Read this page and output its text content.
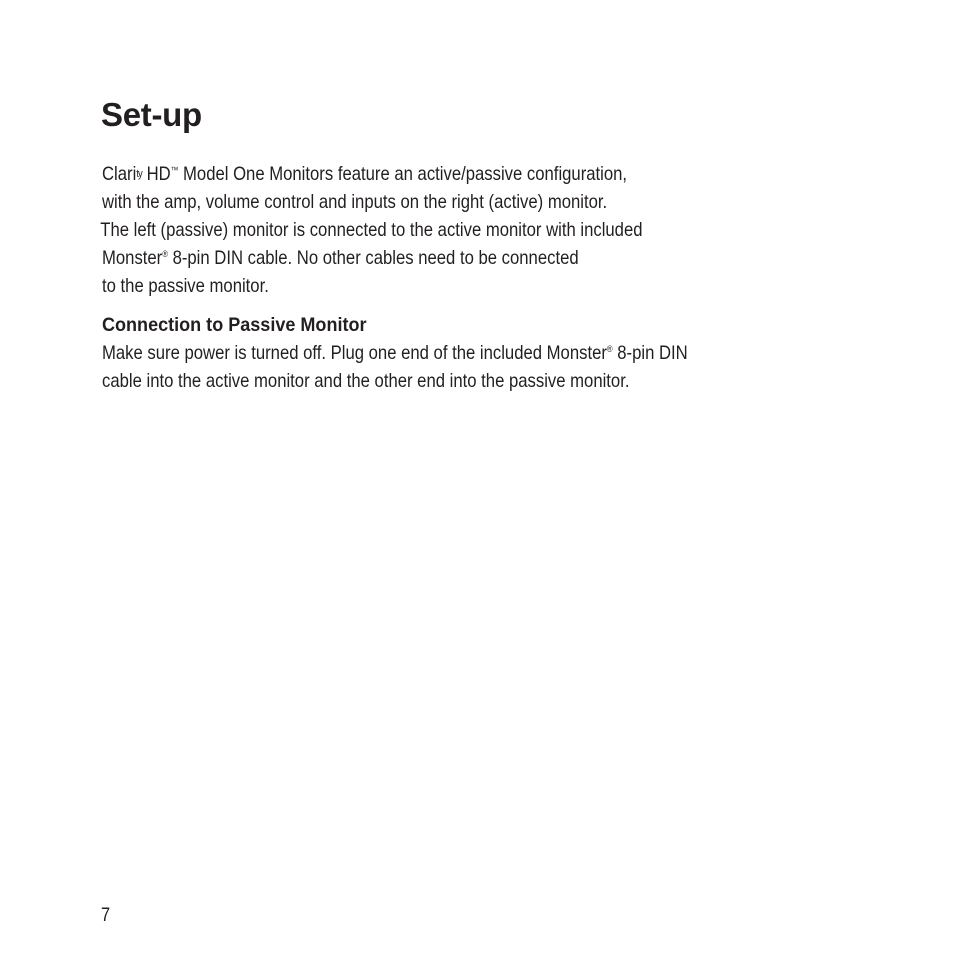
Set-up

Clarity HD™ Model One Monitors feature an active/passive configuration,
with the amp, volume control and inputs on the right (active) monitor.
The left (passive) monitor is connected to the active monitor with included
Monster® 8-pin DIN cable. No other cables need to be connected
to the passive monitor.

Connection to Passive Monitor

Make sure power is turned off. Plug one end of the included Monster® 8-pin DIN
cable into the active monitor and the other end into the passive monitor.

7
